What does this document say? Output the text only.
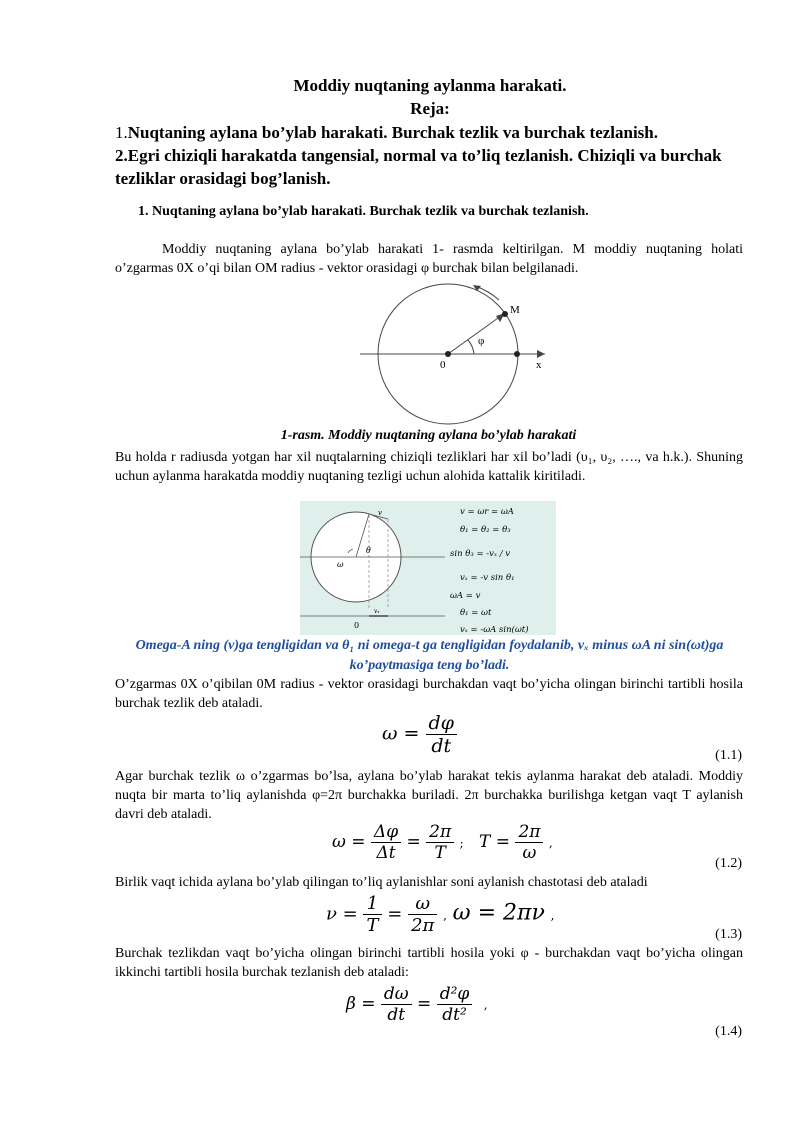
Moddiy nuqtaning aylanma harakati.
Reja:
1.Nuqtaning aylana bo’ylab harakati. Burchak tezlik va burchak tezlanish.
2.Egri chiziqli harakatda tangensial, normal va to’liq tezlanish. Chiziqli va burchak tezliklar orasidagi bog’lanish.
1. Nuqtaning aylana bo’ylab harakati. Burchak tezlik va burchak tezlanish.
Moddiy nuqtaning aylana bo’ylab harakati 1- rasmda keltirilgan. M moddiy nuqtaning holati o’zgarmas 0X o’qi bilan OM radius - vektor orasidagi φ burchak bilan belgilanadi.
M
φ
0	x
1-rasm. Moddiy nuqtaning aylana bo’ylab harakati
Bu holda r radiusda yotgan har xil nuqtalarning chiziqli tezliklari har xil bo’ladi (υ₁, υ₂, …., va h.k.). Shuning uchun aylanma harakatda moddiy nuqtaning tezligi uchun alohida kattalik kiritiladi.
ω
0
θ
v
vₓ
v = ωr = ωA
θ₁ = θ₂ = θ₃
sin θ₃ = -vₓ / v
vₓ = -v sin θ₁
ωA = v
θ₁ = ωt
vₓ = -ωA sin(ωt)
Omega-A ning (v)ga tengligidan va θ₁ ni omega-t ga tengligidan foydalanib, vₓ minus ωA ni sin(ωt)ga ko’paytmasiga teng bo’ladi.
O’zgarmas 0X o’qibilan 0M radius - vektor orasidagi burchakdan vaqt bo’yicha olingan birinchi tartibli hosila burchak tezlik deb ataladi.
$\omega = \frac{d\varphi}{dt}$	(1.1)
Agar burchak tezlik ω o’zgarmas bo’lsa, aylana bo’ylab harakat tekis aylanma harakat deb ataladi. Moddiy nuqta bir marta to’liq aylanishda φ=2π burchakka buriladi. 2π burchakka burilishga ketgan vaqt T aylanish davri deb ataladi.
$\omega = \frac{\Delta\varphi}{\Delta t} = \frac{2\pi}{T}$ ; $T = \frac{2\pi}{\omega}$ ,
(1.2)
Birlik vaqt ichida aylana bo’ylab qilingan to’liq aylanishlar soni aylanish chastotasi deb ataladi
$\nu = \frac{1}{T} = \frac{\omega}{2\pi}$ , ω = 2πν ,
(1.3)
Burchak tezlikdan vaqt bo’yicha olingan birinchi tartibli hosila yoki φ - burchakdan vaqt bo’yicha olingan ikkinchi tartibli hosila burchak tezlanish deb ataladi:
$\beta = \frac{d\omega}{dt} = \frac{\text{d²φ}}{\text{dt²}}$ ,
(1.4)
